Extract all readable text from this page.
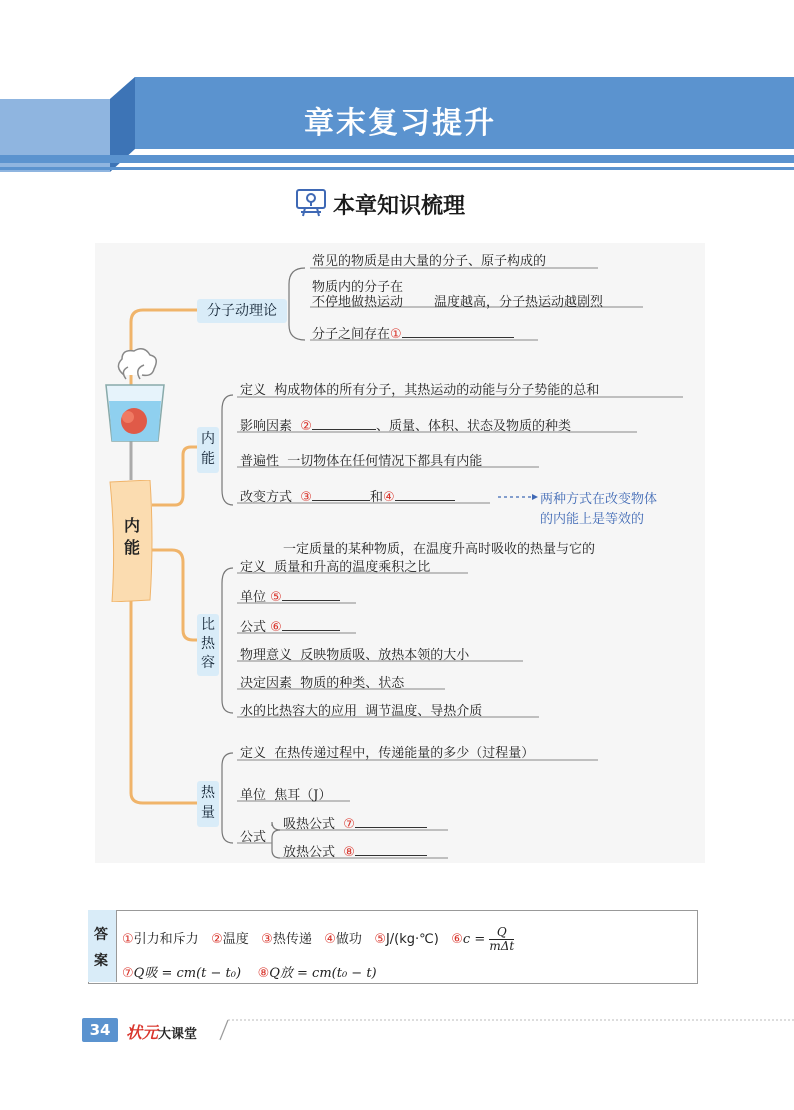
章末复习提升
本章知识梳理
内能
分子动理论
常见的物质是由大量的分子、原子构成的
物质内的分子在
不停地做热运动 温度越高，分子热运动越剧烈
分子之间存在①
内能
定义 构成物体的所有分子，其热运动的动能与分子势能的总和
影响因素 ②	、质量、体积、状态及物质的种类
普遍性 一切物体在任何情况下都具有内能
改变方式 ③	和④	两种方式在改变物体
的内能上是等效的
比热容
一定质量的某种物质，在温度升高时吸收的热量与它的
定义 质量和升高的温度乘积之比
单位 ⑤
公式 ⑥
物理意义 反映物质吸、放热本领的大小
决定因素 物质的种类、状态
水的比热容大的应用 调节温度、导热介质
热量
定义 在热传递过程中，传递能量的多少（过程量）
单位 焦耳（J）
公式
吸热公式 ⑦
放热公式 ⑧
答
案
①引力和斥力 ②温度 ③热传递 ④做功 ⑤J/(kg·℃) ⑥c = Q
mΔt
⑦Q吸 = cm(t − t₀) ⑧Q放 = cm(t₀ − t)
34 状元大课堂
